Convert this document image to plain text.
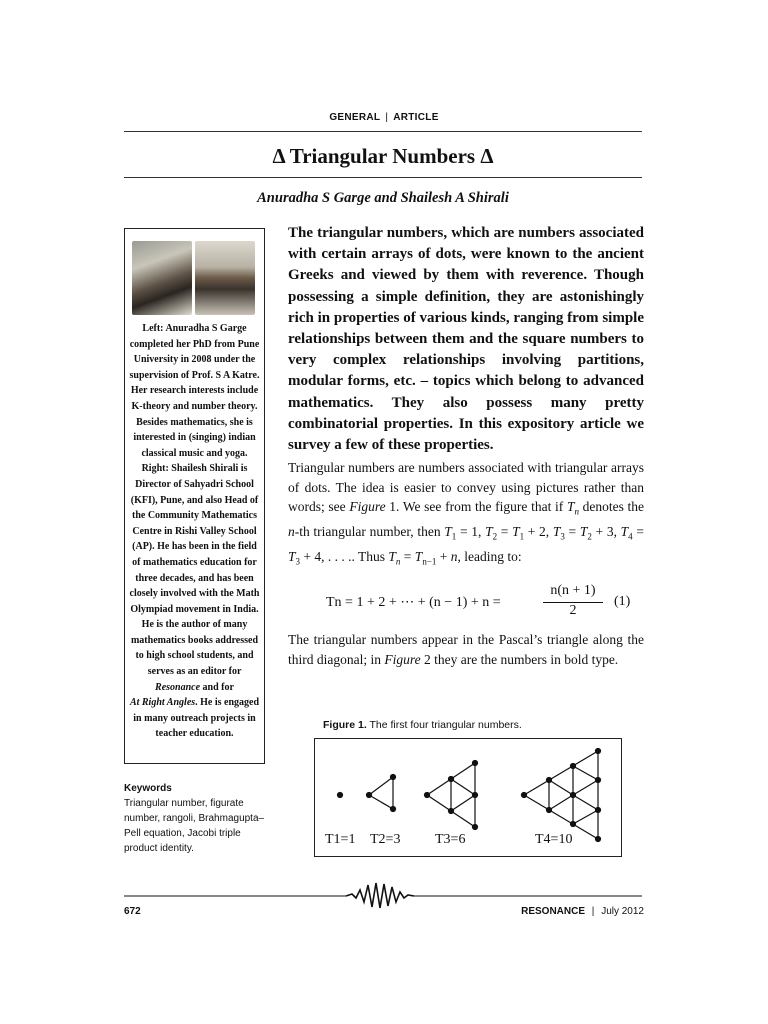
GENERAL | ARTICLE
Δ Triangular Numbers Δ
Anuradha S Garge and Shailesh A Shirali
Left: Anuradha S Garge completed her PhD from Pune University in 2008 under the supervision of Prof. S A Katre. Her research interests include K-theory and number theory. Besides mathematics, she is interested in (singing) indian classical music and yoga.
Right: Shailesh Shirali is Director of Sahyadri School (KFI), Pune, and also Head of the Community Mathematics Centre in Rishi Valley School (AP). He has been in the field of mathematics education for three decades, and has been closely involved with the Math Olympiad movement in India. He is the author of many mathematics books addressed to high school students, and serves as an editor for Resonance and for
At Right Angles. He is engaged in many outreach projects in teacher education.
Keywords
Triangular number, figurate number, rangoli, Brahmagupta–Pell equation, Jacobi triple product identity.
The triangular numbers, which are numbers associated with certain arrays of dots, were known to the ancient Greeks and viewed by them with reverence. Though possessing a simple definition, they are astonishingly rich in properties of various kinds, ranging from simple relationships between them and the square numbers to very complex relationships involving partitions, modular forms, etc. – topics which belong to advanced mathematics. They also possess many pretty combinatorial properties. In this expository article we survey a few of these properties.
Triangular numbers are numbers associated with triangular arrays of dots. The idea is easier to convey using pictures rather than words; see Figure 1. We see from the figure that if $T_n$ denotes the n-th triangular number, then $T_1 = 1$, $T_2 = T_1 + 2$, $T_3 = T_2 + 3$, $T_4 = T_3 + 4$, . . . .. Thus $T_n = T_{n-1} + n$, leading to:
Tn = 1 + 2 + ⋯ + (n − 1) + n =
n(n + 1)
2
(1)
The triangular numbers appear in the Pascal’s triangle along the third diagonal; in Figure 2 they are the numbers in bold type.
Figure 1. The first four triangular numbers.
T1=1 T2=3 T3=6	T4=10
672	RESONANCE | July 2012
